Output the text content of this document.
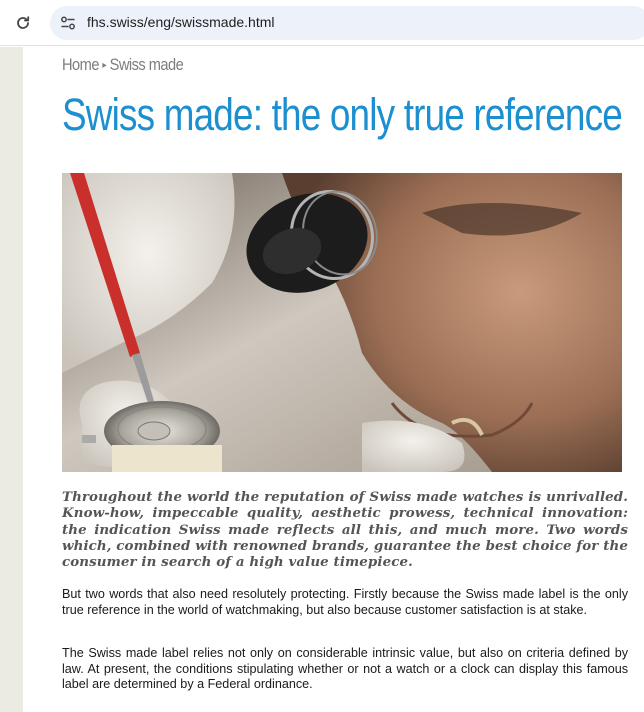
fhs.swiss/eng/swissmade.html
Home ▸ Swiss made
Swiss made: the only true reference

Throughout the world the reputation of Swiss made watches is unrivalled. Know-how, impeccable quality, aesthetic prowess, technical innovation: the indication Swiss made reflects all this, and much more. Two words which, combined with renowned brands, guarantee the best choice for the consumer in search of a high value timepiece.

But two words that also need resolutely protecting. Firstly because the Swiss made label is the only true reference in the world of watchmaking, but also because customer satisfaction is at stake.

The Swiss made label relies not only on considerable intrinsic value, but also on criteria defined by law. At present, the conditions stipulating whether or not a watch or a clock can display this famous label are determined by a Federal ordinance.
